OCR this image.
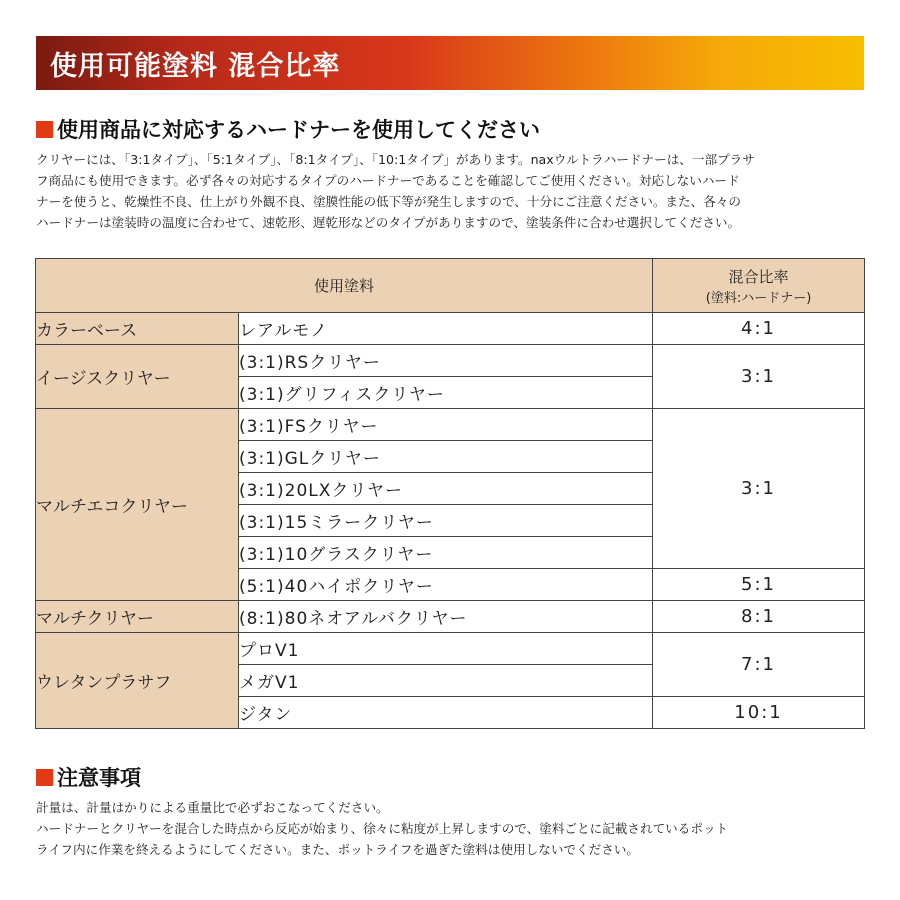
使用可能塗料 混合比率
使用商品に対応するハードナーを使用してください

クリヤーには、「3:1タイプ」、「5:1タイプ」、「8:1タイプ」、「10:1タイプ」があります。naxウルトラハードナーは、一部プラサ

フ商品にも使用できます。必ず各々の対応するタイプのハードナーであることを確認してご使用ください。対応しないハード

ナーを使うと、乾燥性不良、仕上がり外観不良、塗膜性能の低下等が発生しますので、十分にご注意ください。また、各々の

ハードナーは塗装時の温度に合わせて、速乾形、遅乾形などのタイプがありますので、塗装条件に合わせ選択してください。

使用塗料		混合比率
(塗料:ハードナー)

カラーベース	レアルモノ	4:1
イージスクリヤー	(3:1)RSクリヤー	3:1
	(3:1)グリフィスクリヤー	
マルチエコクリヤー	(3:1)FSクリヤー	3:1
	(3:1)GLクリヤー	
	(3:1)20LXクリヤー	
	(3:1)15ミラークリヤー	
	(3:1)10グラスクリヤー	
	(5:1)40ハイポクリヤー	5:1
マルチクリヤー	(8:1)80ネオアルバクリヤー	8:1
ウレタンプラサフ	プロV1	7:1
	メガV1	
	ジタン	10:1
注意事項

計量は、計量はかりによる重量比で必ずおこなってください。

ハードナーとクリヤーを混合した時点から反応が始まり、徐々に粘度が上昇しますので、塗料ごとに記載されているポット

ライフ内に作業を終えるようにしてください。また、ポットライフを過ぎた塗料は使用しないでください。
